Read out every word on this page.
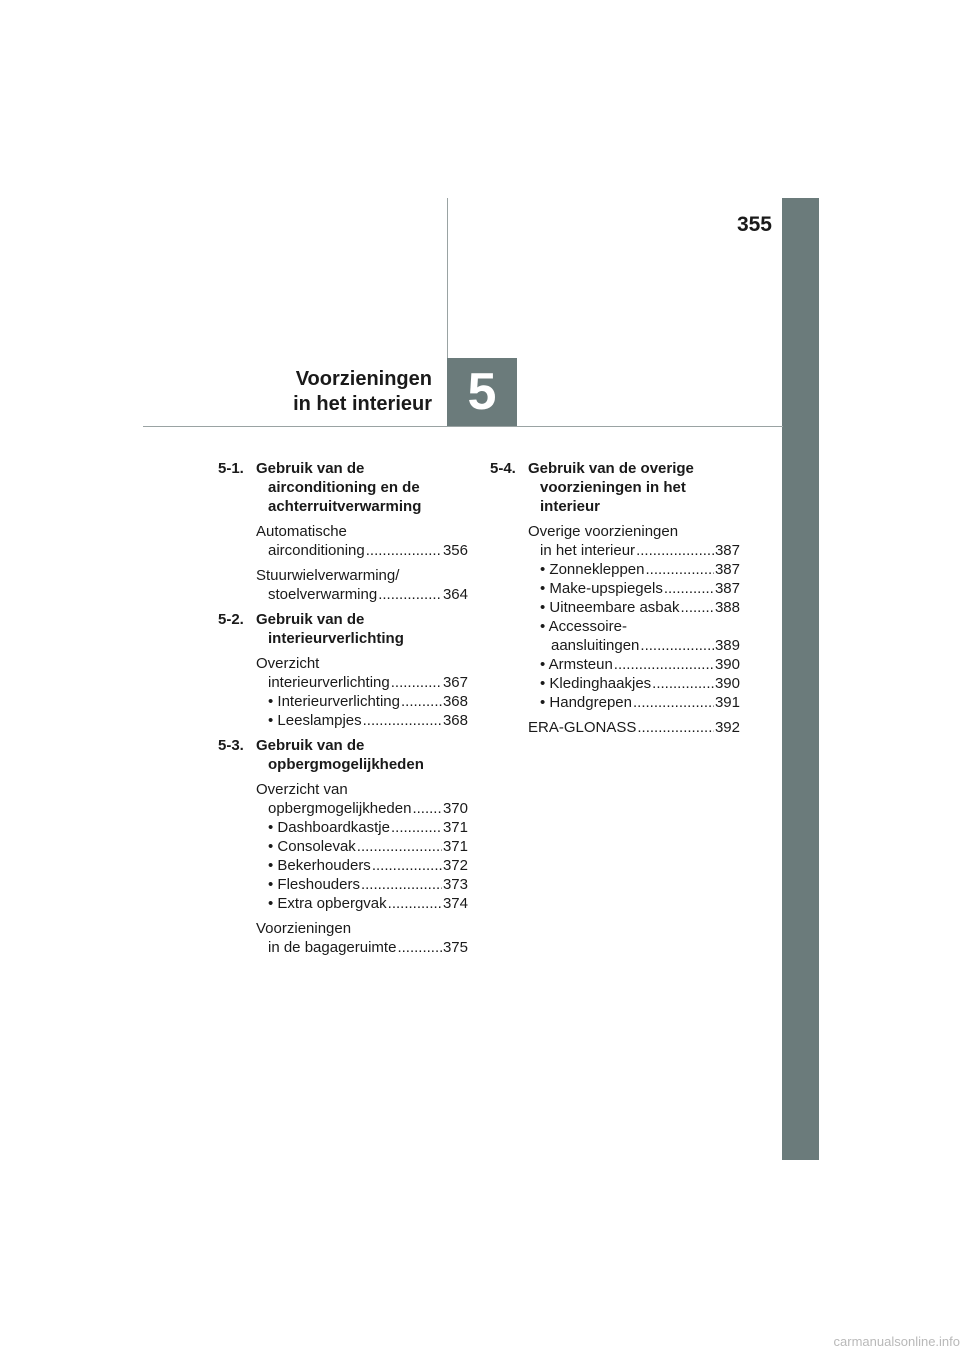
355
5
Voorzieningen
in het interieur
5-1. Gebruik van de
airconditioning en de
achterruitverwarming
Automatische
airconditioning .....	356
Stuurwielverwarming/
stoelverwarming .....	364
5-2. Gebruik van de
interieurverlichting
Overzicht
interieurverlichting .....	367
• Interieurverlichting .....	368
• Leeslampjes .....	368
5-3. Gebruik van de
opbergmogelijkheden
Overzicht van
opbergmogelijkheden ..... 370
• Dashboardkastje .....	371
• Consolevak .....	371
• Bekerhouders .....	372
• Fleshouders .....	373
• Extra opbergvak .....	374
Voorzieningen
in de bagageruimte .....	375
5-4. Gebruik van de overige
voorzieningen in het
interieur
Overige voorzieningen
in het interieur .....	387
• Zonnekleppen .....	387
• Make-upspiegels .....	387
• Uitneembare asbak ..... 388
• Accessoire-
aansluitingen .....	389
• Armsteun .....	390
• Kledinghaakjes .....	390
• Handgrepen .....	391
ERA-GLONASS .....	392
carmanualsonline.info
